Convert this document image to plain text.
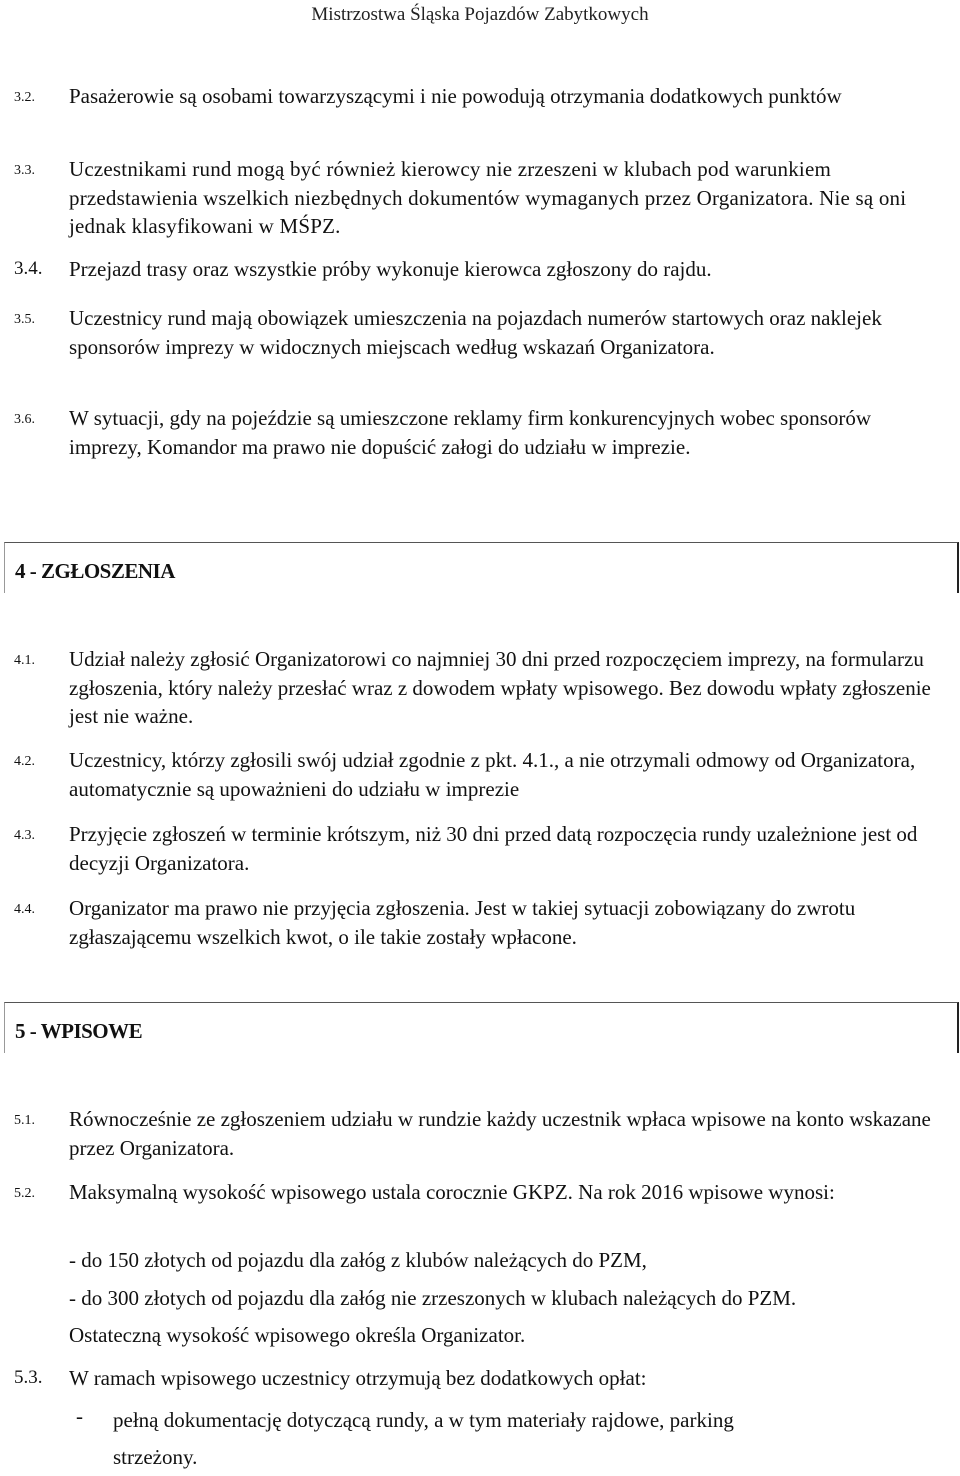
Mistrzostwa Śląska Pojazdów Zabytkowych
3.2.	Pasażerowie są osobami towarzyszącymi i nie powodują otrzymania dodatkowych punktów
3.3.	Uczestnikami rund mogą być również kierowcy nie zrzeszeni w klubach pod warunkiem przedstawienia wszelkich niezbędnych dokumentów wymaganych przez Organizatora. Nie są oni jednak klasyfikowani w MŚPZ.
3.4.	Przejazd trasy oraz wszystkie próby wykonuje kierowca zgłoszony do rajdu.
3.5.	Uczestnicy rund mają obowiązek umieszczenia na pojazdach numerów startowych oraz naklejek sponsorów imprezy w widocznych miejscach według wskazań Organizatora.
3.6.	W sytuacji, gdy na pojeździe są umieszczone reklamy firm konkurencyjnych wobec sponsorów imprezy, Komandor ma prawo nie dopuścić załogi do udziału w imprezie.
4 - ZGŁOSZENIA
4.1.	Udział należy zgłosić Organizatorowi co najmniej 30 dni przed rozpoczęciem imprezy, na formularzu zgłoszenia, który należy przesłać wraz z dowodem wpłaty wpisowego. Bez dowodu wpłaty zgłoszenie jest nie ważne.
4.2.	Uczestnicy, którzy zgłosili swój udział zgodnie z pkt. 4.1., a nie otrzymali odmowy od Organizatora, automatycznie są upoważnieni do udziału w imprezie
4.3.	Przyjęcie zgłoszeń w terminie krótszym, niż 30 dni przed datą rozpoczęcia rundy uzależnione jest od decyzji Organizatora.
4.4.	Organizator ma prawo nie przyjęcia zgłoszenia. Jest w takiej sytuacji zobowiązany do zwrotu zgłaszającemu wszelkich kwot, o ile takie zostały wpłacone.
5 - WPISOWE
5.1.	Równocześnie ze zgłoszeniem udziału w rundzie każdy uczestnik wpłaca wpisowe na konto wskazane przez Organizatora.
5.2.	Maksymalną wysokość wpisowego ustala corocznie GKPZ. Na rok 2016 wpisowe wynosi:
- do 150 złotych od pojazdu dla załóg z klubów należących do PZM,
- do 300 złotych od pojazdu dla załóg nie zrzeszonych w klubach należących do PZM.
Ostateczną wysokość wpisowego określa Organizator.
5.3.	W ramach wpisowego uczestnicy otrzymują bez dodatkowych opłat:
- pełną dokumentację dotyczącą rundy, a w tym materiały rajdowe, parking strzeżony.
